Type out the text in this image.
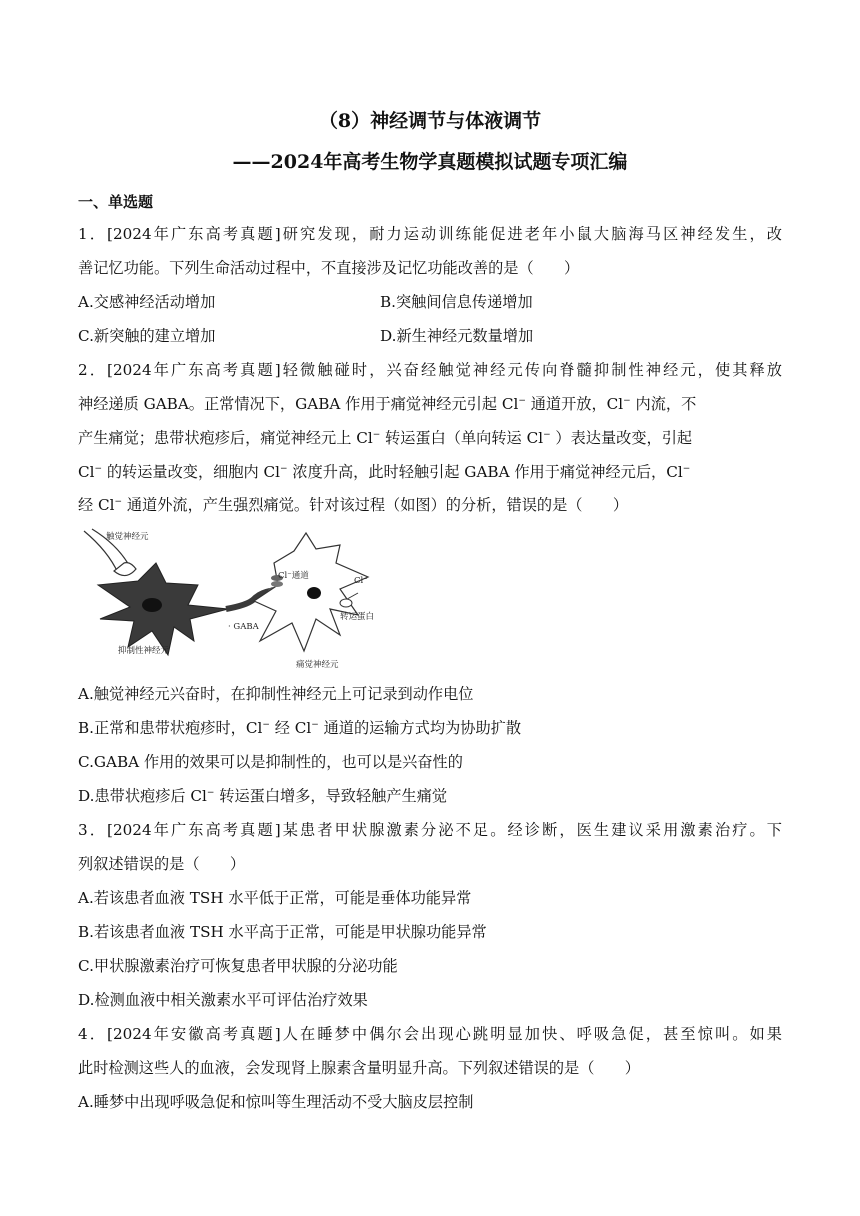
（8）神经调节与体液调节
——2024年高考生物学真题模拟试题专项汇编
一、单选题
1．[2024年广东高考真题]研究发现，耐力运动训练能促进老年小鼠大脑海马区神经发生，改
善记忆功能。下列生命活动过程中，不直接涉及记忆功能改善的是（　　）
A.交感神经活动增加	B.突触间信息传递增加
C.新突触的建立增加	D.新生神经元数量增加
2．[2024年广东高考真题]轻微触碰时，兴奋经触觉神经元传向脊髓抑制性神经元，使其释放
神经递质 GABA。正常情况下，GABA 作用于痛觉神经元引起 Cl− 通道开放，Cl− 内流，不
产生痛觉；患带状疱疹后，痛觉神经元上 Cl− 转运蛋白（单向转运 Cl− ）表达量改变，引起
Cl− 的转运量改变，细胞内 Cl− 浓度升高，此时轻触引起 GABA 作用于痛觉神经元后，Cl−
经 Cl− 通道外流，产生强烈痛觉。针对该过程（如图）的分析，错误的是（　　）
触觉神经元
Cl⁻通道	Cl⁻
转运蛋白
· GABA
抑制性神经元
痛觉神经元
A.触觉神经元兴奋时，在抑制性神经元上可记录到动作电位
B.正常和患带状疱疹时，Cl− 经 Cl− 通道的运输方式均为协助扩散
C.GABA 作用的效果可以是抑制性的，也可以是兴奋性的
D.患带状疱疹后 Cl− 转运蛋白增多，导致轻触产生痛觉
3．[2024年广东高考真题]某患者甲状腺激素分泌不足。经诊断，医生建议采用激素治疗。下
列叙述错误的是（　　）
A.若该患者血液 TSH 水平低于正常，可能是垂体功能异常
B.若该患者血液 TSH 水平高于正常，可能是甲状腺功能异常
C.甲状腺激素治疗可恢复患者甲状腺的分泌功能
D.检测血液中相关激素水平可评估治疗效果
4．[2024年安徽高考真题]人在睡梦中偶尔会出现心跳明显加快、呼吸急促，甚至惊叫。如果
此时检测这些人的血液，会发现肾上腺素含量明显升高。下列叙述错误的是（　　）
A.睡梦中出现呼吸急促和惊叫等生理活动不受大脑皮层控制
